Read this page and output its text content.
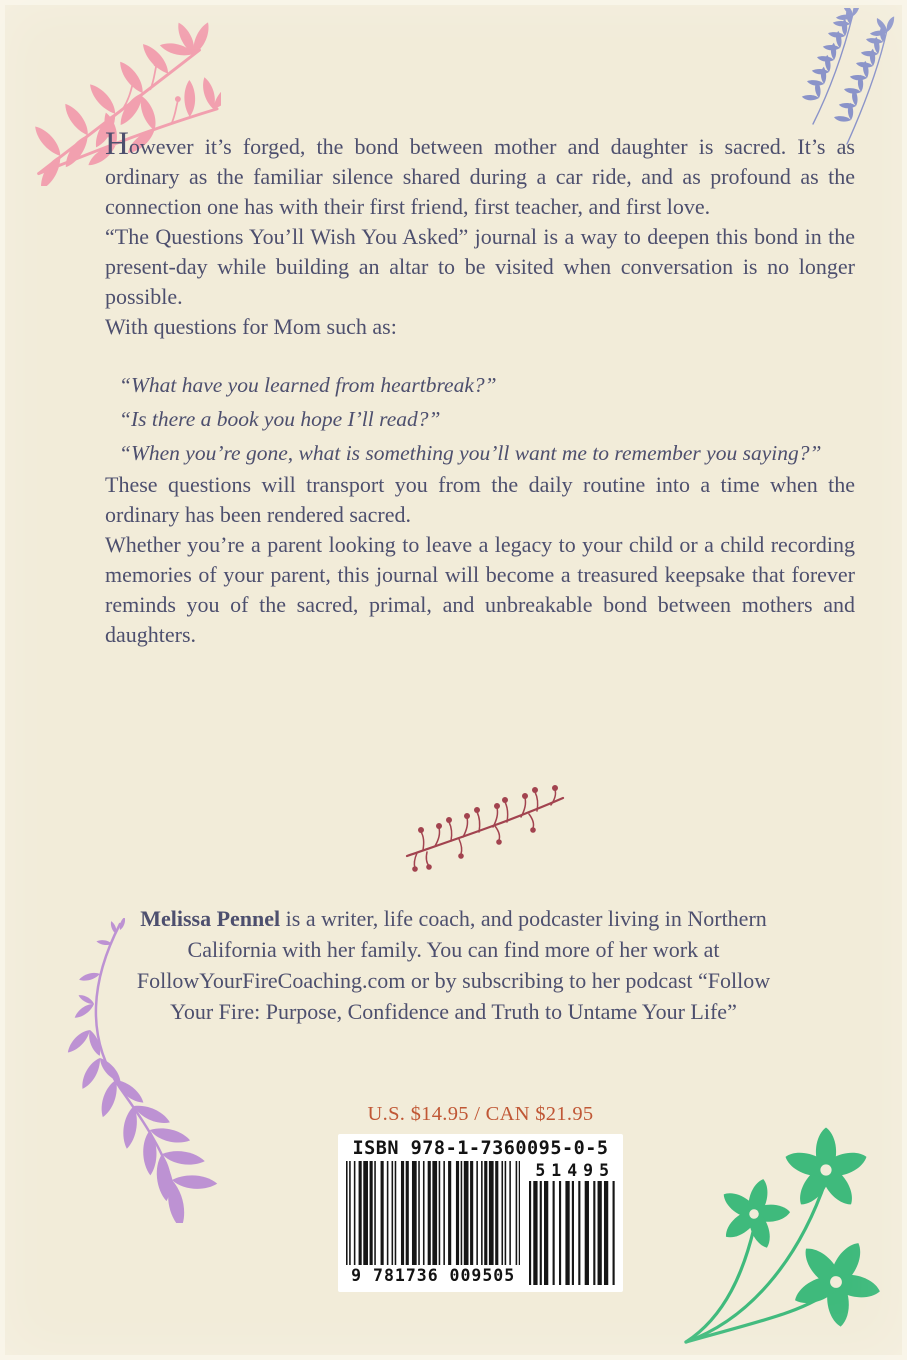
However it’s forged, the bond between mother and daughter is sacred. It’s as ordinary as the familiar silence shared during a car ride, and as profound as the connection one has with their first friend, first teacher, and first love.

“The Questions You’ll Wish You Asked” journal is a way to deepen this bond in the present-day while building an altar to be visited when conversation is no longer possible.

With questions for Mom such as:

“What have you learned from heartbreak?”

“Is there a book you hope I’ll read?”

“When you’re gone, what is something you’ll want me to remember you saying?”

These questions will transport you from the daily routine into a time when the ordinary has been rendered sacred.

Whether you’re a parent looking to leave a legacy to your child or a child recording memories of your parent, this journal will become a treasured keepsake that forever reminds you of the sacred, primal, and unbreakable bond between mothers and daughters.

Melissa Pennel is a writer, life coach, and podcaster living in Northern California with her family. You can find more of her work at FollowYourFireCoaching.com or by subscribing to her podcast “Follow Your Fire: Purpose, Confidence and Truth to Untame Your Life”
U.S. $14.95 / CAN $21.95
ISBN 978-1-7360095-0-5
9 781736 009505
51495
